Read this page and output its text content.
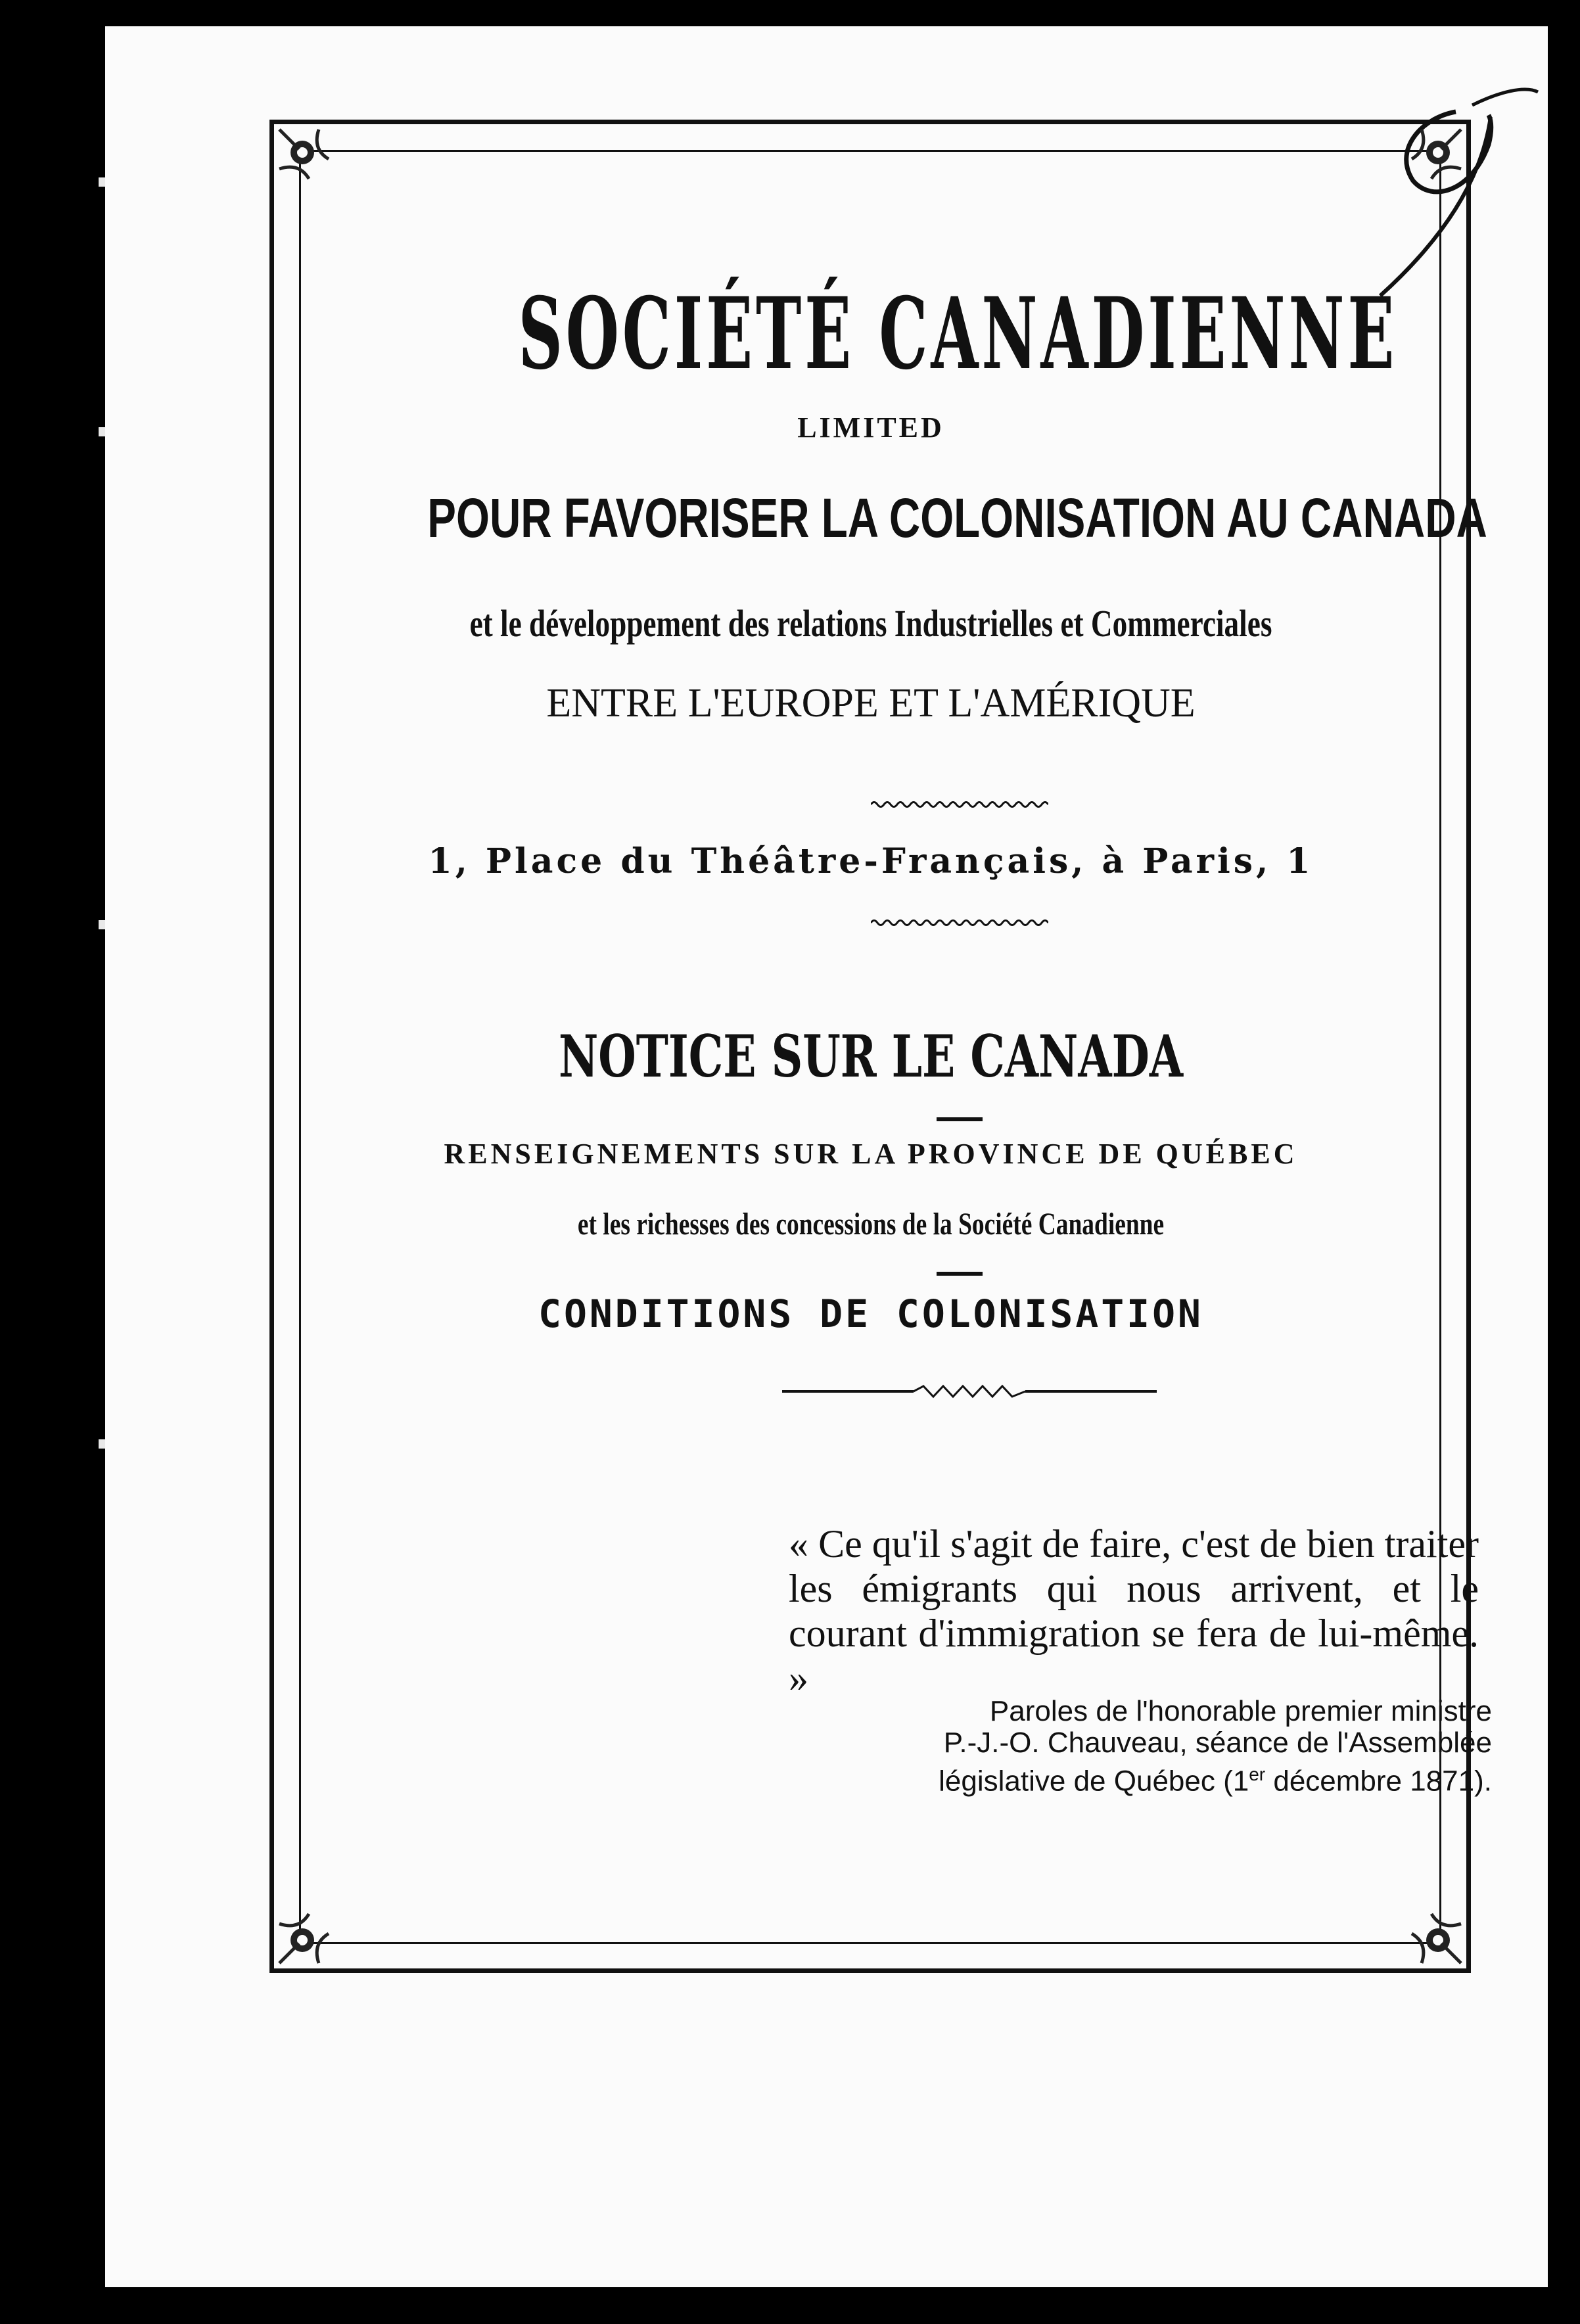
SOCIÉTÉ CANADIENNE
LIMITED
POUR FAVORISER LA COLONISATION AU CANADA
et le développement des relations Industrielles et Commerciales
ENTRE L'EUROPE ET L'AMÉRIQUE
1, Place du Théâtre-Français, à Paris, 1
NOTICE SUR LE CANADA
RENSEIGNEMENTS SUR LA PROVINCE DE QUÉBEC
et les richesses des concessions de la Société Canadienne
CONDITIONS DE COLONISATION
« Ce qu'il s'agit de faire, c'est de bien traiter les émigrants qui nous arrivent, et le courant d'immigration se fera de lui-même. »
Paroles de l'honorable premier ministre
P.-J.-O. Chauveau, séance de l'Assemblée
législative de Québec (1er décembre 1871).
